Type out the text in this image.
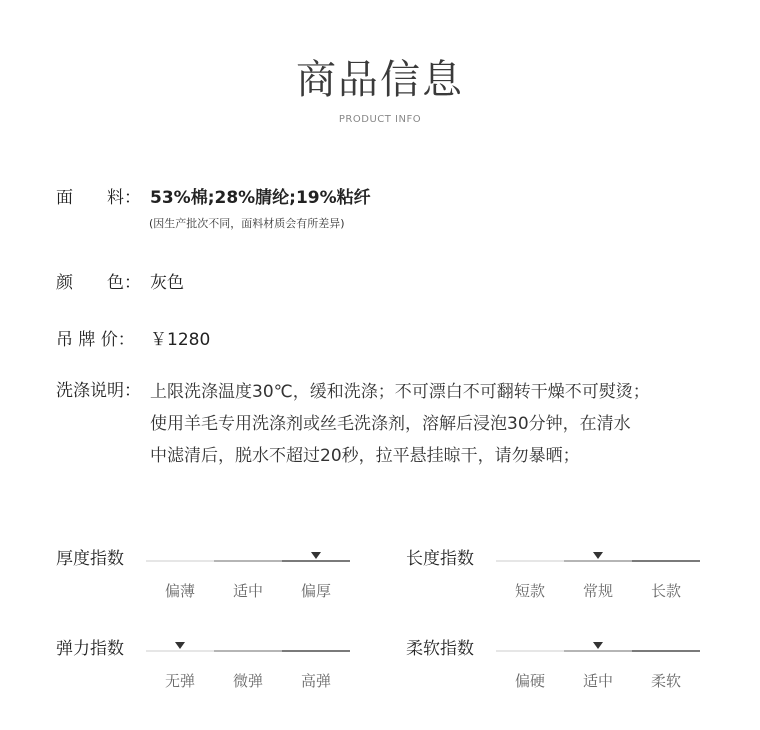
商品信息
PRODUCT INFO
面　　料： 53%棉;28%腈纶;19%粘纤
(因生产批次不同，面料材质会有所差异)
颜　　色： 灰色
吊 牌 价： ￥1280
洗涤说明： 上限洗涤温度30℃，缓和洗涤；不可漂白不可翻转干燥不可熨烫；
使用羊毛专用洗涤剂或丝毛洗涤剂，溶解后浸泡30分钟，在清水
中滤清后，脱水不超过20秒，拉平悬挂晾干，请勿暴晒；
厚度指数
偏薄	适中	偏厚
长度指数
短款	常规	长款
弹力指数
无弹	微弹	高弹
柔软指数
偏硬	适中	柔软
